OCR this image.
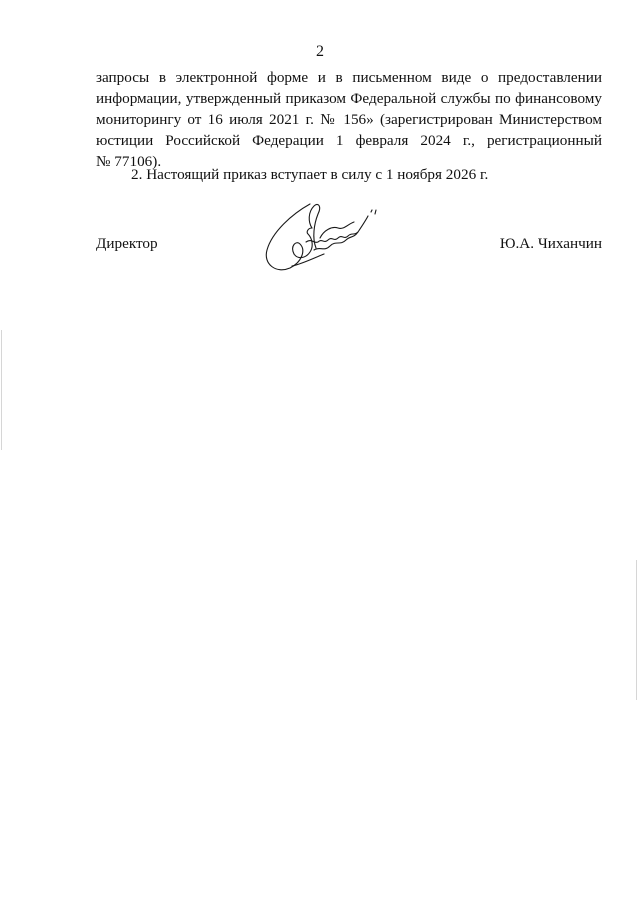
2
запросы в электронной форме и в письменном виде о предоставлении
информации, утвержденный приказом Федеральной службы по финансовому
мониторингу от 16 июля 2021 г. № 156» (зарегистрирован Министерством
юстиции Российской Федерации 1 февраля 2024 г., регистрационный
№ 77106).
2. Настоящий приказ вступает в силу с 1 ноября 2026 г.
Директор	Ю.А. Чиханчин
